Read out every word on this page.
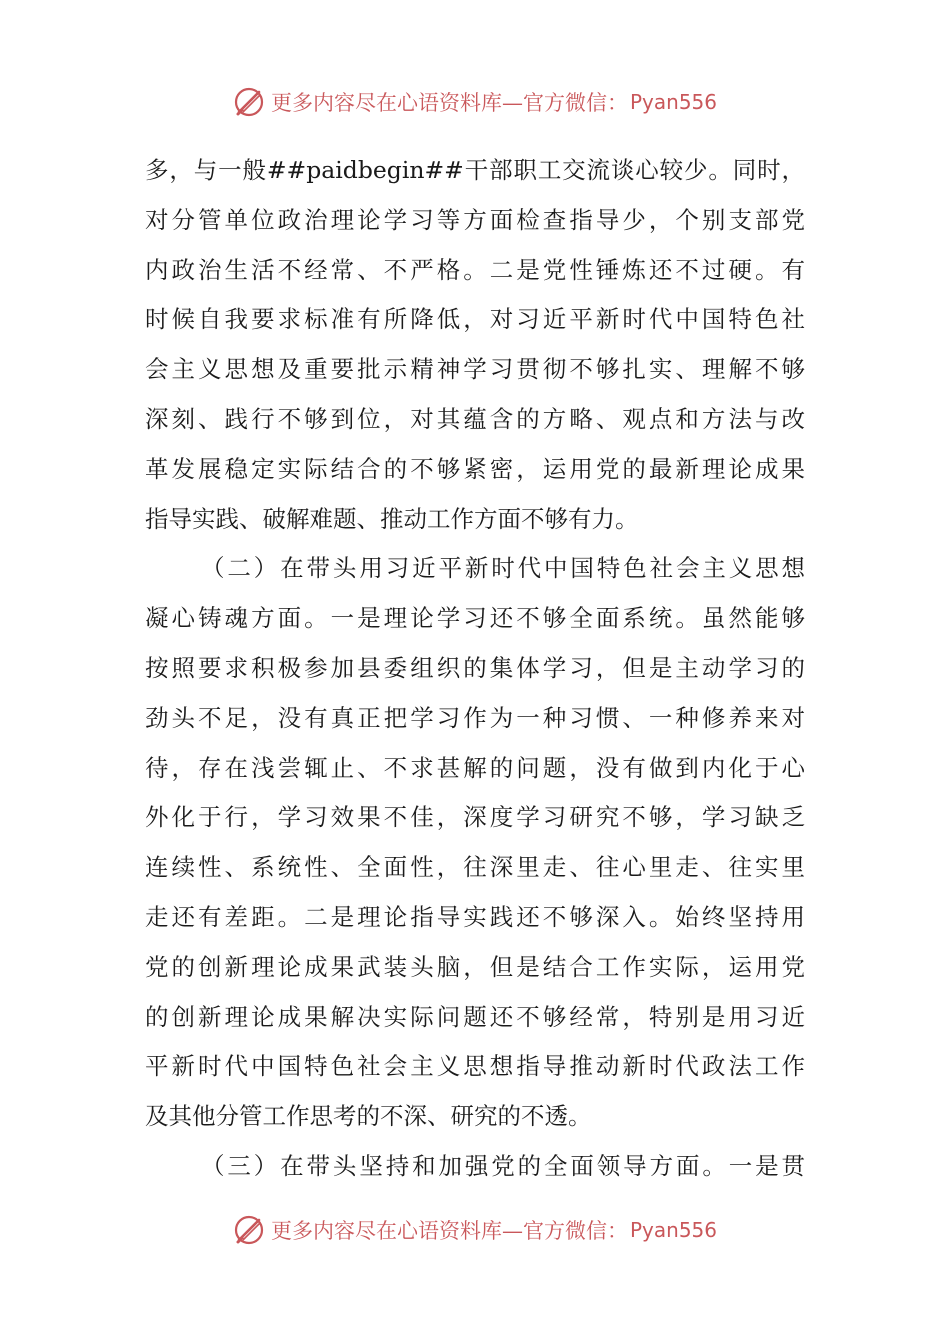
更多内容尽在心语资料库—官方微信： Pyan556
多，与一般##paidbegin##干部职工交流谈心较少。同时，
对分管单位政治理论学习等方面检查指导少，个别支部党
内政治生活不经常、不严格。二是党性锤炼还不过硬。有
时候自我要求标准有所降低，对习近平新时代中国特色社
会主义思想及重要批示精神学习贯彻不够扎实、理解不够
深刻、践行不够到位，对其蕴含的方略、观点和方法与改
革发展稳定实际结合的不够紧密，运用党的最新理论成果
指导实践、破解难题、推动工作方面不够有力。
（二）在带头用习近平新时代中国特色社会主义思想
凝心铸魂方面。一是理论学习还不够全面系统。虽然能够
按照要求积极参加县委组织的集体学习，但是主动学习的
劲头不足，没有真正把学习作为一种习惯、一种修养来对
待，存在浅尝辄止、不求甚解的问题，没有做到内化于心
外化于行，学习效果不佳，深度学习研究不够，学习缺乏
连续性、系统性、全面性，往深里走、往心里走、往实里
走还有差距。二是理论指导实践还不够深入。始终坚持用
党的创新理论成果武装头脑，但是结合工作实际，运用党
的创新理论成果解决实际问题还不够经常，特别是用习近
平新时代中国特色社会主义思想指导推动新时代政法工作
及其他分管工作思考的不深、研究的不透。
（三）在带头坚持和加强党的全面领导方面。一是贯
更多内容尽在心语资料库—官方微信： Pyan556
